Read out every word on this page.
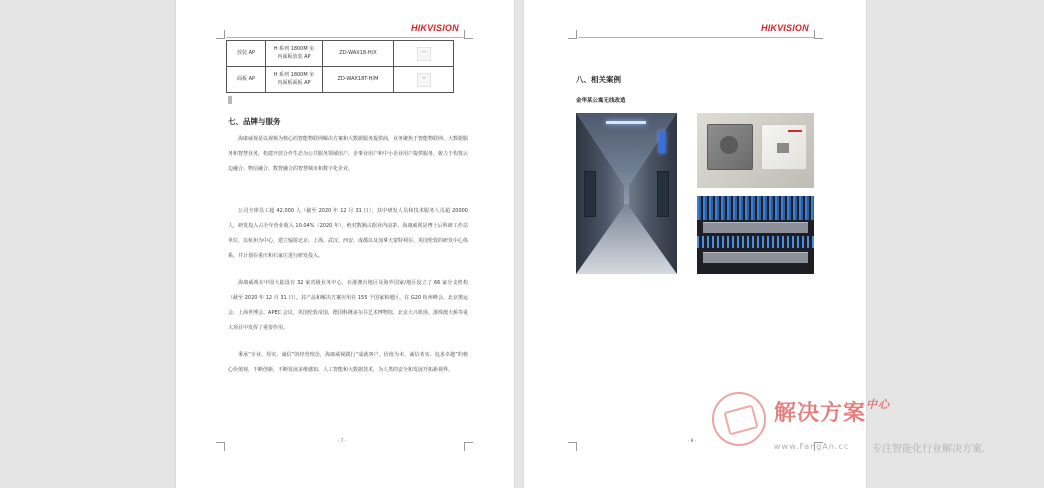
HIKVISION
放装 AP	H 系列 1800M 室
内面板放装 AP	ZD-WAX18-H/X	

面板 AP	H 系列 1800M 室
内面板面板 AP	ZD-WAX18T-H/M	
七、品牌与服务

海康威视是以视频为核心的智能物联网解决方案和大数据服务提供商，业务聚焦于智能物联网、大数据服务和智慧业务，构建开放合作生态为公共服务领域用户、企事业用户和中小企业用户提供服务，致力于构筑云边融合、物信融合、数智融合的智慧城市和数字化企业。

公司全球员工超 42,000 人（截至 2020 年 12 月 31 日），其中研发人员和技术服务人员超 20000 人，研发投入占全年营业收入 10.04%（2020 年），绝对数额占据业内前茅。海康威视是博士后科研工作站单位，以杭州为中心，建立辐射北京、上海、武汉、西安、成都以及加拿大蒙特利尔、英国伦敦的研发中心体系，并计划在重庆和石家庄进行研发投入。

海康威视在中国大陆设有 32 家省级业务中心，在港澳台地区及海外国家/地区设立了 66 家分支机构（截至 2020 年 12 月 31 日）。其产品和解决方案应用在 155 个国家和地区，在 G20 杭州峰会、北京奥运会、上海世博会、APEC 会议、英国伦敦帝国、德国科隆多尔芬艺术博物馆、北京大兴机场、港珠澳大桥等重大项目中发挥了重要作用。

秉承“专业、厚实、诚信”的经营理念，海康威视践行“成就客户、价值为本、诚信务实、追求卓越”的核心价值观，不断创新，不断发展多维感知、人工智能和大数据技术，为人类的安全和发展开拓新视界。

- 7 -
HIKVISION
八、相关案例
金华某公寓无线改造
- 8 -
解决方案$^{中心}$
www.FangAn.cc 专注智能化行业解决方案.
